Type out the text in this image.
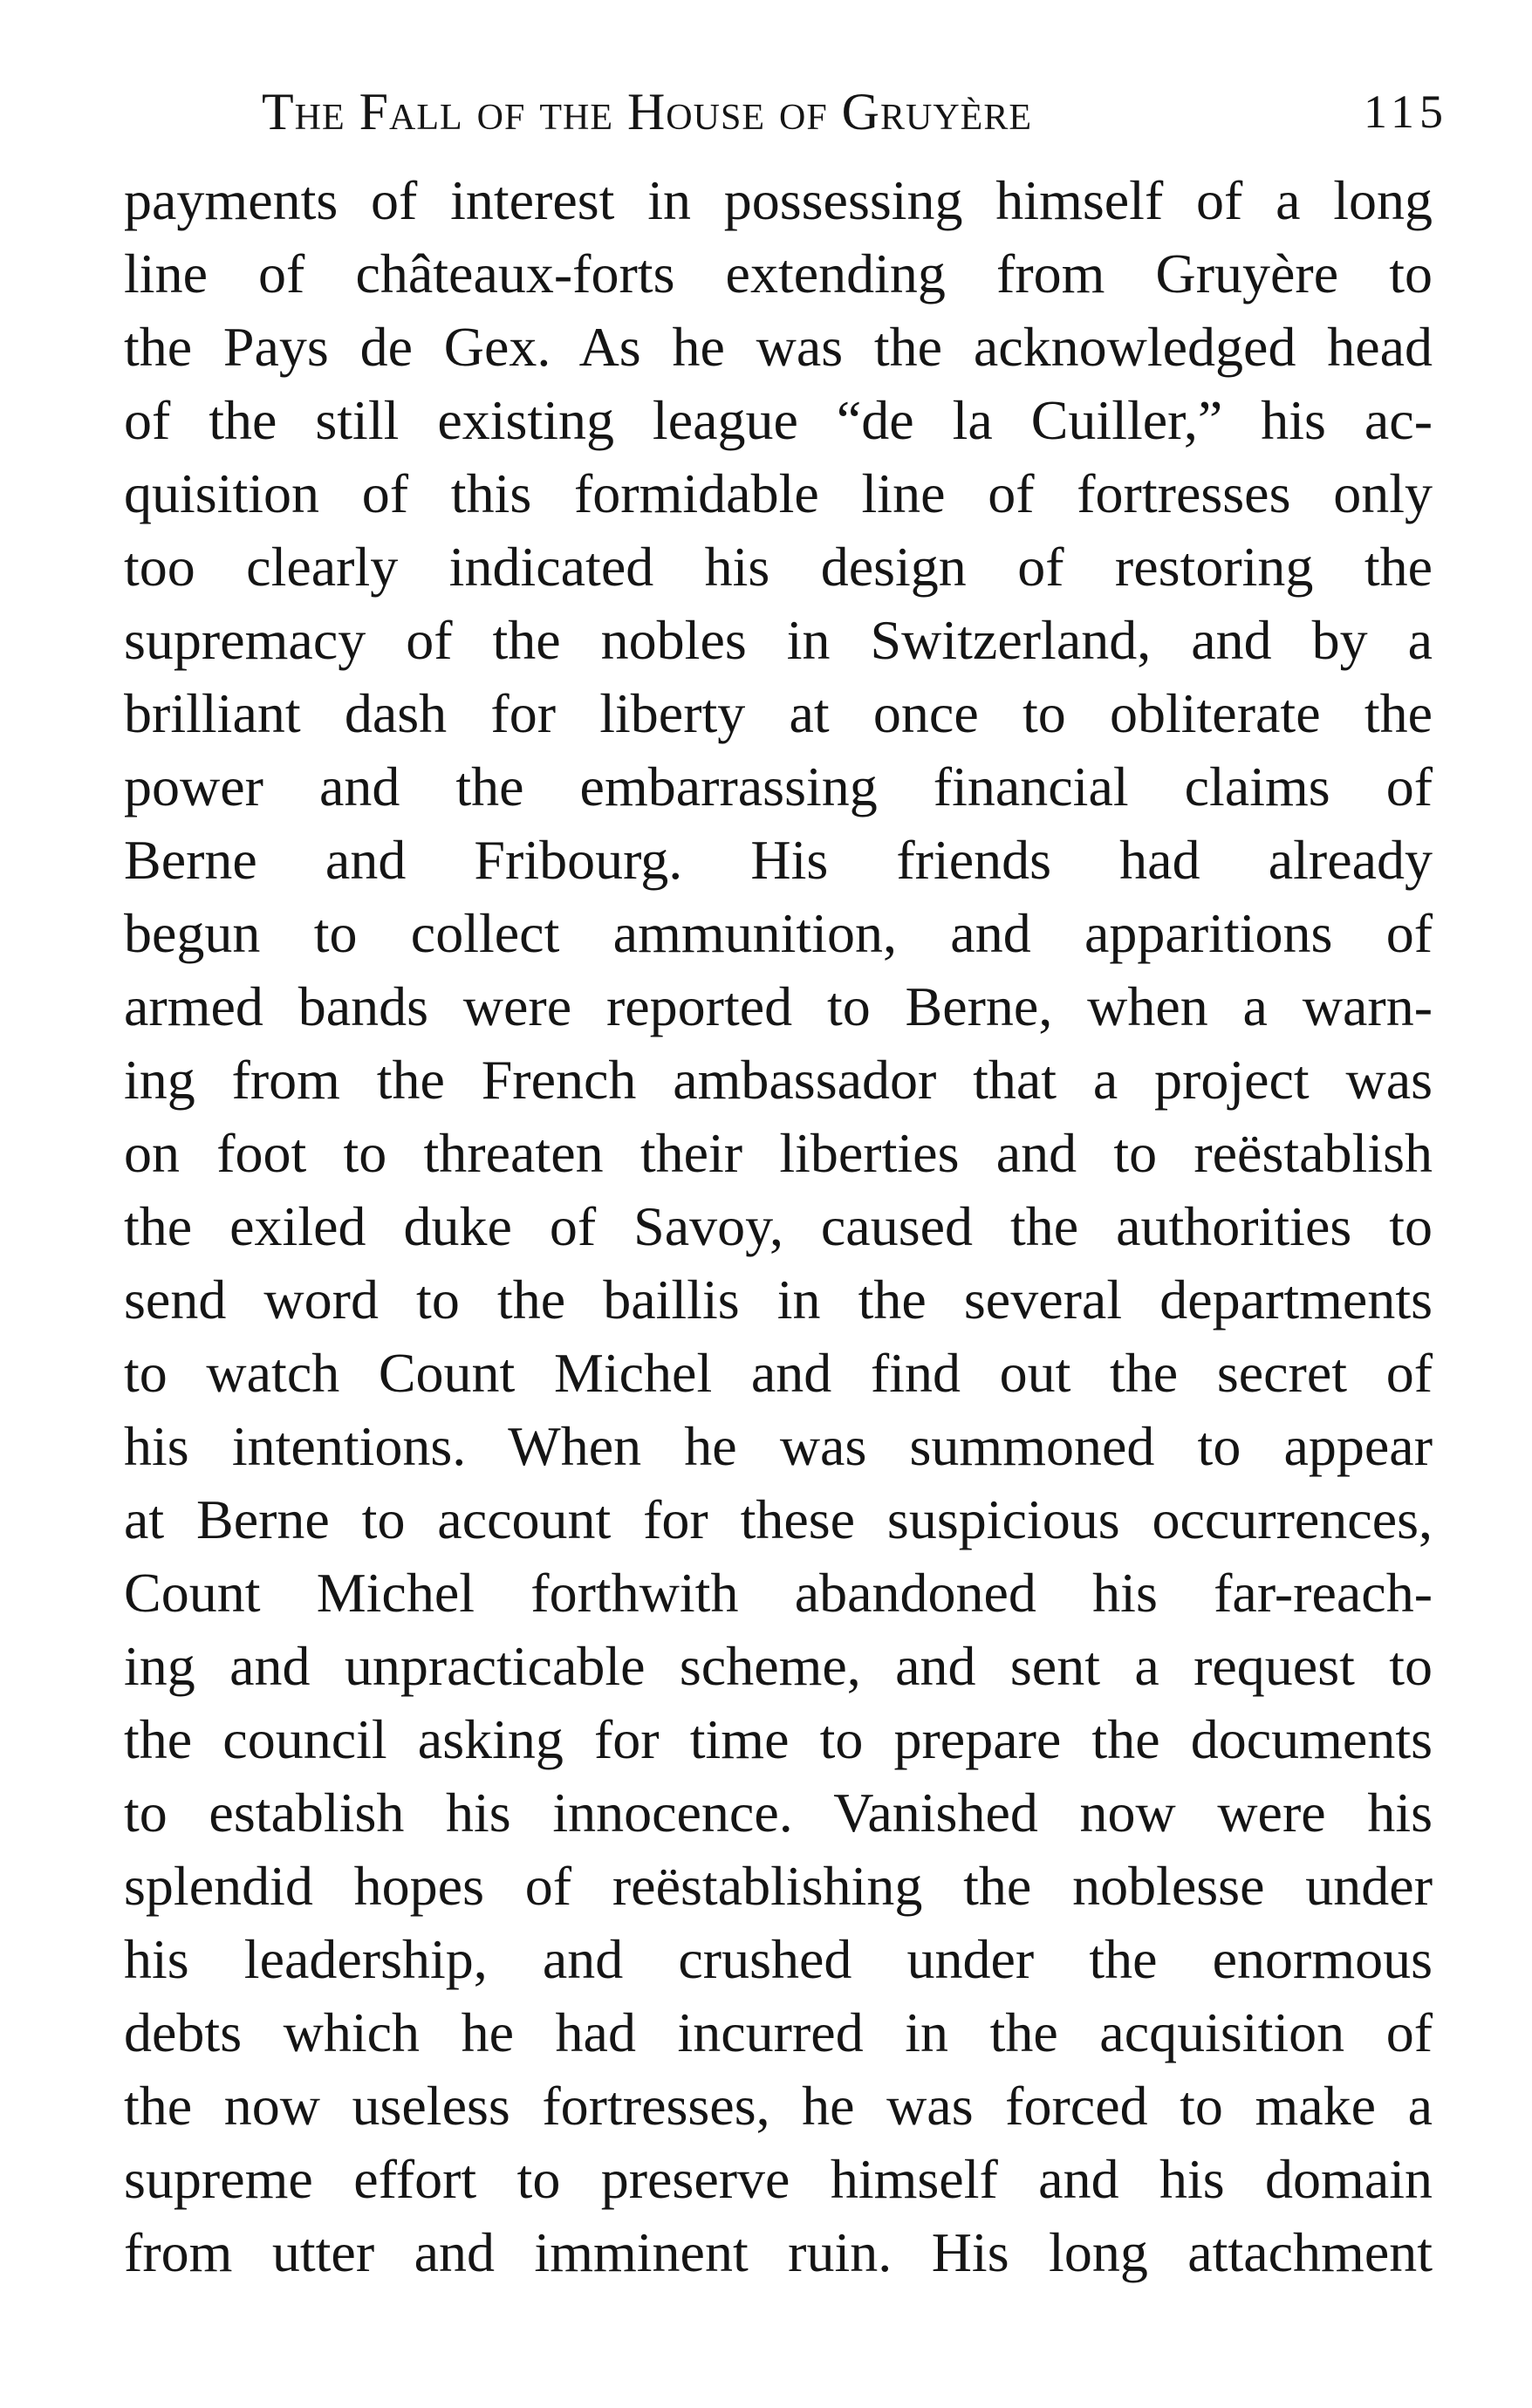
The Fall of the House of Gruyère	115
payments of interest in possessing himself of a long
line of châteaux-forts extending from Gruyère to
the Pays de Gex. As he was the acknowledged head
of the still existing league “de la Cuiller,” his ac-
quisition of this formidable line of fortresses only
too clearly indicated his design of restoring the
supremacy of the nobles in Switzerland, and by a
brilliant dash for liberty at once to obliterate the
power and the embarrassing financial claims of
Berne and Fribourg. His friends had already
begun to collect ammunition, and apparitions of
armed bands were reported to Berne, when a warn-
ing from the French ambassador that a project was
on foot to threaten their liberties and to reëstablish
the exiled duke of Savoy, caused the authorities to
send word to the baillis in the several departments
to watch Count Michel and find out the secret of
his intentions. When he was summoned to appear
at Berne to account for these suspicious occurrences,
Count Michel forthwith abandoned his far-reach-
ing and unpracticable scheme, and sent a request to
the council asking for time to prepare the documents
to establish his innocence. Vanished now were his
splendid hopes of reëstablishing the noblesse under
his leadership, and crushed under the enormous
debts which he had incurred in the acquisition of
the now useless fortresses, he was forced to make a
supreme effort to preserve himself and his domain
from utter and imminent ruin. His long attachment
